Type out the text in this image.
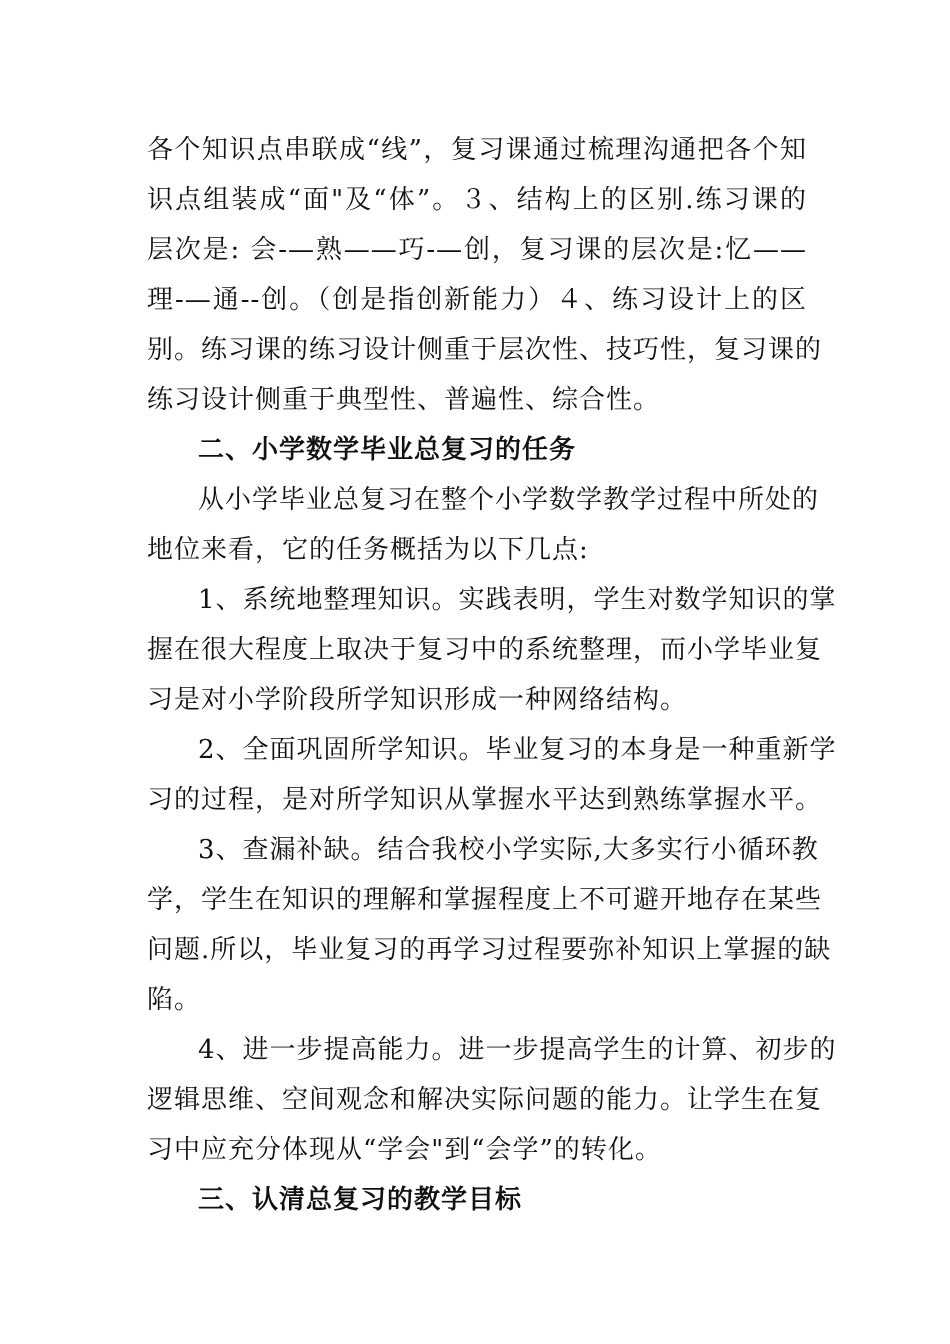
各个知识点串联成“线”，复习课通过梳理沟通把各个知
识点组装成“面"及“体”。３、结构上的区别.练习课的
层次是: 会-—熟——巧-—创，复习课的层次是:忆——
理-—通--创。（创是指创新能力）４、练习设计上的区
别。练习课的练习设计侧重于层次性、技巧性，复习课的
练习设计侧重于典型性、普遍性、综合性。
二、小学数学毕业总复习的任务
从小学毕业总复习在整个小学数学教学过程中所处的
地位来看，它的任务概括为以下几点:
1、系统地整理知识。实践表明，学生对数学知识的掌
握在很大程度上取决于复习中的系统整理，而小学毕业复
习是对小学阶段所学知识形成一种网络结构。
2、全面巩固所学知识。毕业复习的本身是一种重新学
习的过程，是对所学知识从掌握水平达到熟练掌握水平。
3、查漏补缺。结合我校小学实际,大多实行小循环教
学，学生在知识的理解和掌握程度上不可避开地存在某些
问题.所以，毕业复习的再学习过程要弥补知识上掌握的缺
陷。
4、进一步提高能力。进一步提高学生的计算、初步的
逻辑思维、空间观念和解决实际问题的能力。让学生在复
习中应充分体现从“学会"到“会学”的转化。
三、认清总复习的教学目标
